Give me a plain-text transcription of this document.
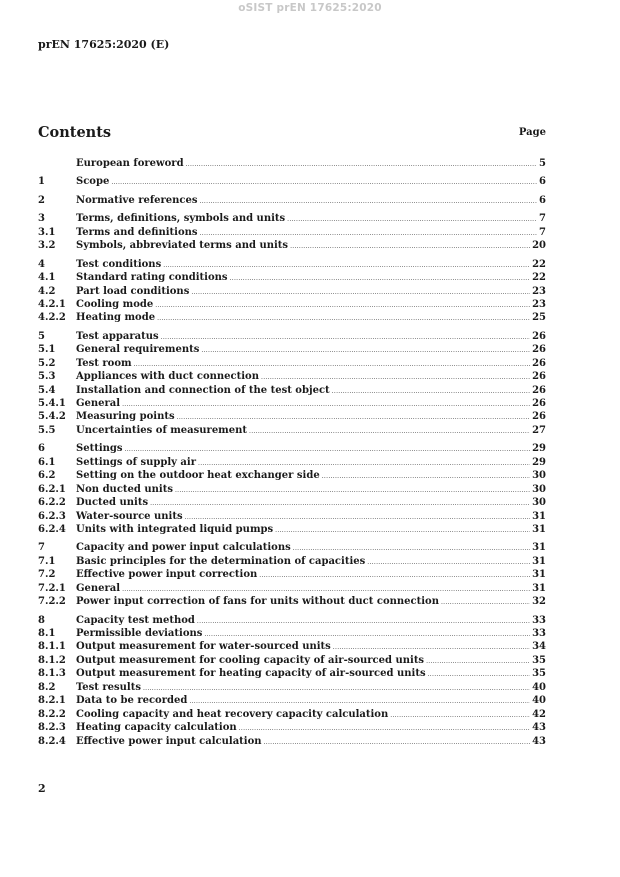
oSIST prEN 17625:2020
prEN 17625:2020 (E)
Contents	Page
European foreword .....	5
1	Scope .....	6
2	Normative references .....	6
3	Terms, definitions, symbols and units .....	7
3.1	Terms and definitions .....	7
3.2	Symbols, abbreviated terms and units .....	20
4	Test conditions .....	22
4.1	Standard rating conditions .....	22
4.2	Part load conditions .....	23
4.2.1	Cooling mode .....	23
4.2.2	Heating mode .....	25
5	Test apparatus .....	26
5.1	General requirements .....	26
5.2	Test room .....	26
5.3	Appliances with duct connection .....	26
5.4	Installation and connection of the test object .....	26
5.4.1	General .....	26
5.4.2	Measuring points .....	26
5.5	Uncertainties of measurement .....	27
6	Settings .....	29
6.1	Settings of supply air .....	29
6.2	Setting on the outdoor heat exchanger side .....	30
6.2.1	Non ducted units .....	30
6.2.2	Ducted units .....	30
6.2.3	Water-source units .....	31
6.2.4	Units with integrated liquid pumps .....	31
7	Capacity and power input calculations .....	31
7.1	Basic principles for the determination of capacities .....	31
7.2	Effective power input correction .....	31
7.2.1	General .....	31
7.2.2	Power input correction of fans for units without duct connection .....	32
8	Capacity test method .....	33
8.1	Permissible deviations .....	33
8.1.1	Output measurement for water-sourced units .....	34
8.1.2	Output measurement for cooling capacity of air-sourced units .....	35
8.1.3	Output measurement for heating capacity of air-sourced units .....	35
8.2	Test results .....	40
8.2.1	Data to be recorded .....	40
8.2.2	Cooling capacity and heat recovery capacity calculation .....	42
8.2.3	Heating capacity calculation .....	43
8.2.4	Effective power input calculation .....	43
2
